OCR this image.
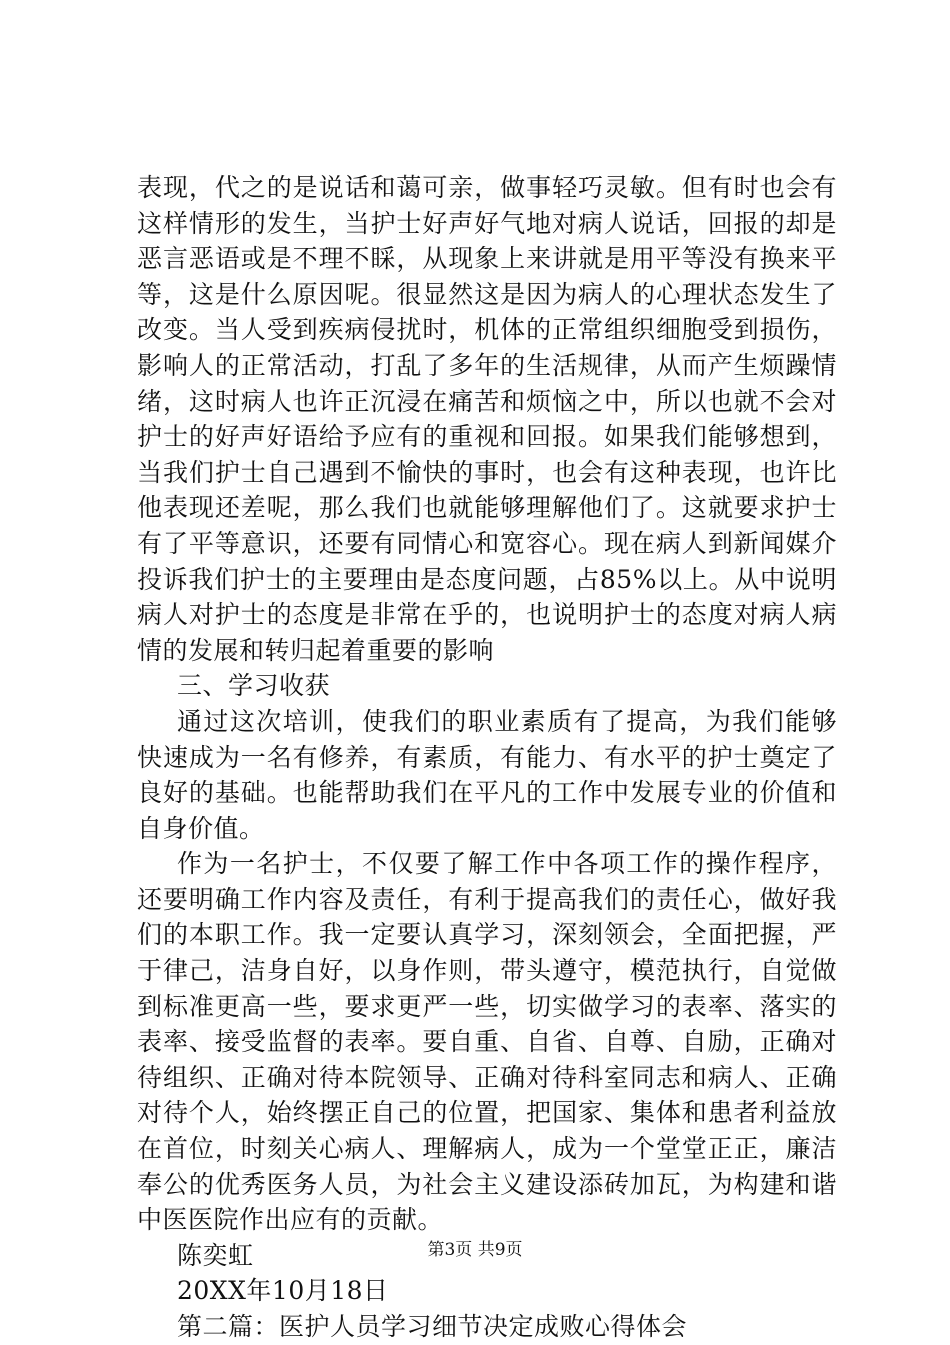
表现，代之的是说话和蔼可亲，做事轻巧灵敏。但有时也会有
这样情形的发生，当护士好声好气地对病人说话，回报的却是
恶言恶语或是不理不睬，从现象上来讲就是用平等没有换来平
等，这是什么原因呢。很显然这是因为病人的心理状态发生了
改变。当人受到疾病侵扰时，机体的正常组织细胞受到损伤，
影响人的正常活动，打乱了多年的生活规律，从而产生烦躁情
绪，这时病人也许正沉浸在痛苦和烦恼之中，所以也就不会对
护士的好声好语给予应有的重视和回报。如果我们能够想到，
当我们护士自己遇到不愉快的事时，也会有这种表现，也许比
他表现还差呢，那么我们也就能够理解他们了。这就要求护士
有了平等意识，还要有同情心和宽容心。现在病人到新闻媒介
投诉我们护士的主要理由是态度问题，占85%以上。从中说明
病人对护士的态度是非常在乎的，也说明护士的态度对病人病
情的发展和转归起着重要的影响
三、学习收获
通过这次培训，使我们的职业素质有了提高，为我们能够
快速成为一名有修养，有素质，有能力、有水平的护士奠定了
良好的基础。也能帮助我们在平凡的工作中发展专业的价值和
自身价值。
作为一名护士，不仅要了解工作中各项工作的操作程序，
还要明确工作内容及责任，有利于提高我们的责任心，做好我
们的本职工作。我一定要认真学习，深刻领会，全面把握，严
于律己，洁身自好，以身作则，带头遵守，模范执行，自觉做
到标准更高一些，要求更严一些，切实做学习的表率、落实的
表率、接受监督的表率。要自重、自省、自尊、自励，正确对
待组织、正确对待本院领导、正确对待科室同志和病人、正确
对待个人，始终摆正自己的位置，把国家、集体和患者利益放
在首位，时刻关心病人、理解病人，成为一个堂堂正正，廉洁
奉公的优秀医务人员，为社会主义建设添砖加瓦，为构建和谐
中医医院作出应有的贡献。
陈奕虹
20XX年10月18日
第二篇：医护人员学习细节决定成败心得体会
第3页 共9页
